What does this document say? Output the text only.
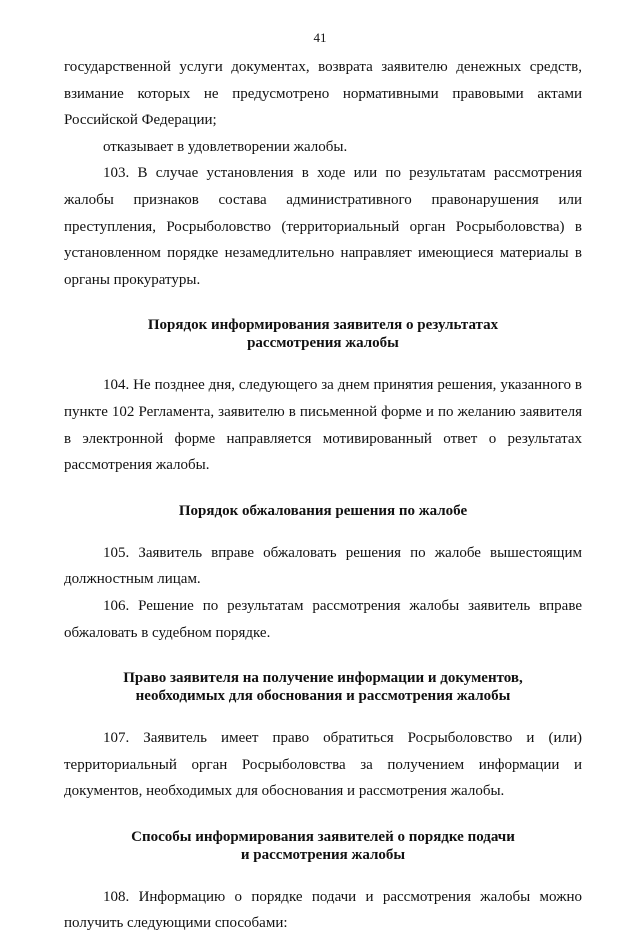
41

государственной услуги документах, возврата заявителю денежных средств, взимание которых не предусмотрено нормативными правовыми актами Российской Федерации;

отказывает в удовлетворении жалобы.

103. В случае установления в ходе или по результатам рассмотрения жалобы признаков состава административного правонарушения или преступления, Росрыболовство (территориальный орган Росрыболовства) в установленном порядке незамедлительно направляет имеющиеся материалы в органы прокуратуры.

Порядок информирования заявителя о результатах
рассмотрения жалобы

104. Не позднее дня, следующего за днем принятия решения, указанного в пункте 102 Регламента, заявителю в письменной форме и по желанию заявителя в электронной форме направляется мотивированный ответ о результатах рассмотрения жалобы.

Порядок обжалования решения по жалобе

105. Заявитель вправе обжаловать решения по жалобе вышестоящим должностным лицам.

106. Решение по результатам рассмотрения жалобы заявитель вправе обжаловать в судебном порядке.

Право заявителя на получение информации и документов,
необходимых для обоснования и рассмотрения жалобы

107. Заявитель имеет право обратиться Росрыболовство и (или) территориальный орган Росрыболовства за получением информации и документов, необходимых для обоснования и рассмотрения жалобы.

Способы информирования заявителей о порядке подачи
и рассмотрения жалобы

108. Информацию о порядке подачи и рассмотрения жалобы можно получить следующими способами:
